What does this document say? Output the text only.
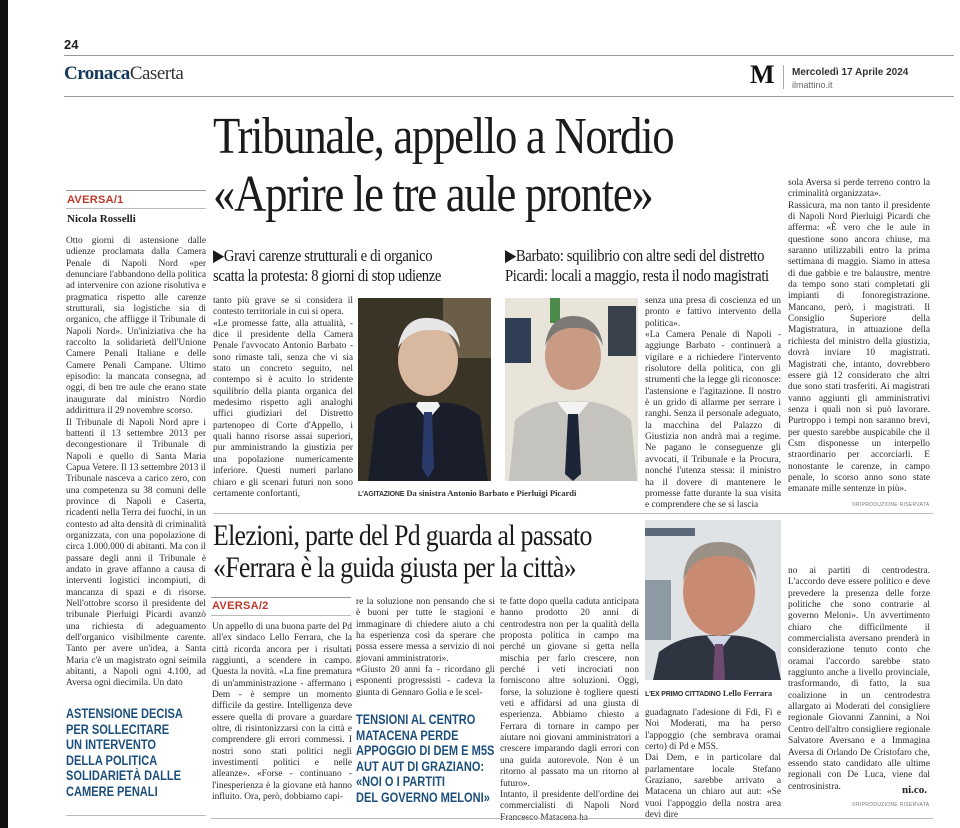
24
CronacaCaserta	M Mercoledì 17 Aprile 2024
ilmattino.it
Tribunale, appello a Nordio
«Aprire le tre aule pronte»
AVERSA/1
Nicola Rosselli
Otto giorni di astensione dalle udienze proclamata dalla Camera Penale di Napoli Nord «per denunciare l'abbandono della politica ad intervenire con azione risolutiva e pragmatica rispetto alle carenze strutturali, sia logistiche sia di organico, che affligge il Tribunale di Napoli Nord». Un'iniziativa che ha raccolto la solidarietà dell'Unione Camere Penali Italiane e delle Camere Penali Campane. Ultimo episodio: la mancata consegna, ad oggi, di ben tre aule che erano state inaugurate dal ministro Nordio addirittura il 29 novembre scorso.
Il Tribunale di Napoli Nord apre i battenti il 13 settembre 2013 per decongestionare il Tribunale di Napoli e quello di Santa Maria Capua Vetere. Il 13 settembre 2013 il Tribunale nasceva a carico zero, con una competenza su 38 comuni delle province di Napoli e Caserta, ricadenti nella Terra dei fuochi, in un contesto ad alta densità di criminalità organizzata, con una popolazione di circa 1.000.000 di abitanti. Ma con il passare degli anni il Tribunale è andato in grave affanno a causa di interventi logistici incompiuti, di mancanza di spazi e di risorse. Nell'ottobre scorso il presidente del tribunale Pierluigi Picardi avanzò una richiesta di adeguamento dell'organico visibilmente carente. Tanto per avere un'idea, a Santa Maria c'è un magistrato ogni seimila abitanti, a Napoli ogni 4.100, ad Aversa ogni diecimila. Un dato
ASTENSIONE DECISA
PER SOLLECITARE
UN INTERVENTO
DELLA POLITICA
SOLIDARIETÀ DALLE
CAMERE PENALI
▶Gravi carenze strutturali e di organico
scatta la protesta: 8 giorni di stop udienze
▶Barbato: squilibrio con altre sedi del distretto
Picardi: locali a maggio, resta il nodo magistrati
tanto più grave se si considera il contesto territoriale in cui si opera.
«Le promesse fatte, alla attualità, - dice il presidente della Camera Penale l'avvocato Antonio Barbato - sono rimaste tali, senza che vi sia stato un concreto seguito, nel contempo si è acuito lo stridente squilibrio della pianta organica del medesimo rispetto agli analoghi uffici giudiziari del Distretto partenopeo di Corte d'Appello, i quali hanno risorse assai superiori, pur amministrando la giustizia per una popolazione numericamente inferiore. Questi numeri parlano chiaro e gli scenari futuri non sono certamente confortanti,	L'AGITAZIONE Da sinistra Antonio Barbato e Pierluigi Picardi
senza una presa di coscienza ed un pronto e fattivo intervento della politica».
«La Camera Penale di Napoli - aggiunge Barbato - continuerà a vigilare e a richiedere l'intervento risolutore della politica, con gli strumenti che la legge gli riconosce: l'astensione e l'agitazione. Il nostro è un grido di allarme per serrare i ranghi. Senza il personale adeguato, la macchina del Palazzo di Giustizia non andrà mai a regime. Ne pagano le conseguenze gli avvocati, il Tribunale e la Procura, nonché l'utenza stessa: il ministro ha il dovere di mantenere le promesse fatte durante la sua visita e comprendere che se si lascia
sola Aversa si perde terreno contro la criminalità organizzata».
Rassicura, ma non tanto il presidente di Napoli Nord Pierluigi Picardi che afferma: «È vero che le aule in questione sono ancora chiuse, ma saranno utilizzabili entro la prima settimana di maggio. Siamo in attesa di due gabbie e tre balaustre, mentre da tempo sono stati completati gli impianti di fonoregistrazione. Mancano, però, i magistrati. Il Consiglio Superiore della Magistratura, in attuazione della richiesta del ministro della giustizia, dovrà inviare 10 magistrati. Magistrati che, intanto, dovrebbero essere già 12 considerato che altri due sono stati trasferiti. Ai magistrati vanno aggiunti gli amministrativi senza i quali non si può lavorare. Purtroppo i tempi non saranno brevi, per questo sarebbe auspicabile che il Csm disponesse un interpello straordinario per accorciarli. E nonostante le carenze, in campo penale, lo scorso anno sono state emanate mille sentenze in più».
©RIPRODUZIONE RISERVATA
Elezioni, parte del Pd guarda al passato
«Ferrara è la guida giusta per la città»
AVERSA/2
Un appello di una buona parte del Pd all'ex sindaco Lello Ferrara, che la città ricorda ancora per i risultati raggiunti, a scendere in campo. Questa la novità. «La fine prematura di un'amministrazione - affermano i Dem - è sempre un momento difficile da gestire. Intelligenza deve essere quella di provare a guardare oltre, di risintonizzarsi con la città e comprendere gli errori commessi. I nostri sono stati politici negli investimenti politici e nelle alleanze». «Forse - continuano - l'inesperienza è la giovane età hanno influito. Ora, però, dobbiamo capi-
re la soluzione non pensando che si è buoni per tutte le stagioni e immaginare di chiedere aiuto a chi ha esperienza così da sperare che possa essere messa a servizio di noi giovani amministratori».
«Giusto 20 anni fa - ricordano gli esponenti progressisti - cadeva la giunta di Gennaro Golia e le scel-
TENSIONI AL CENTRO
MATACENA PERDE
APPOGGIO DI DEM E M5S
AUT AUT DI GRAZIANO:
«NOI O I PARTITI
DEL GOVERNO MELONI»
te fatte dopo quella caduta anticipata hanno prodotto 20 anni di centrodestra non per la qualità della proposta politica in campo ma perché un giovane si getta nella mischia per farlo crescere, non perché i veti incrociati non forniscono altre soluzioni. Oggi, forse, la soluzione è togliere questi veti e affidarsi ad una giusta di esperienza. Abbiamo chiesto a Ferrara di tornare in campo per aiutare noi giovani amministratori a crescere imparando dagli errori con una guida autorevole. Non è un ritorno al passato ma un ritorno al futuro».
Intanto, il presidente dell'ordine dei commercialisti di Napoli Nord Francesco Matacena ha
L'EX PRIMO CITTADINO Lello Ferrara
guadagnato l'adesione di Fdi, Fi e Noi Moderati, ma ha perso l'appoggio (che sembrava oramai certo) di Pd e M5S.
Dai Dem, e in particolare dal parlamentare locale Stefano Graziano, sarebbe arrivato a Matacena un chiaro aut aut: «Se vuoi l'appoggio della nostra area devi dire
no ai partiti di centrodestra. L'accordo deve essere politico e deve prevedere la presenza delle forze politiche che sono contrarie al governo Meloni». Un avvertimento chiaro che difficilmente il commercialista aversano prenderà in considerazione tenuto conto che oramai l'accordo sarebbe stato raggiunto anche a livello provinciale, trasformando, di fatto, la sua coalizione in un centrodestra allargato ai Moderati del consigliere regionale Giovanni Zannini, a Noi Centro dell'altro consigliere regionale Salvatore Aversano e a Immagina Aversa di Orlando De Cristofaro che, essendo stato candidato alle ultime regionali con De Luca, viene dal centrosinistra.	ni.co.
©RIPRODUZIONE RISERVATA
